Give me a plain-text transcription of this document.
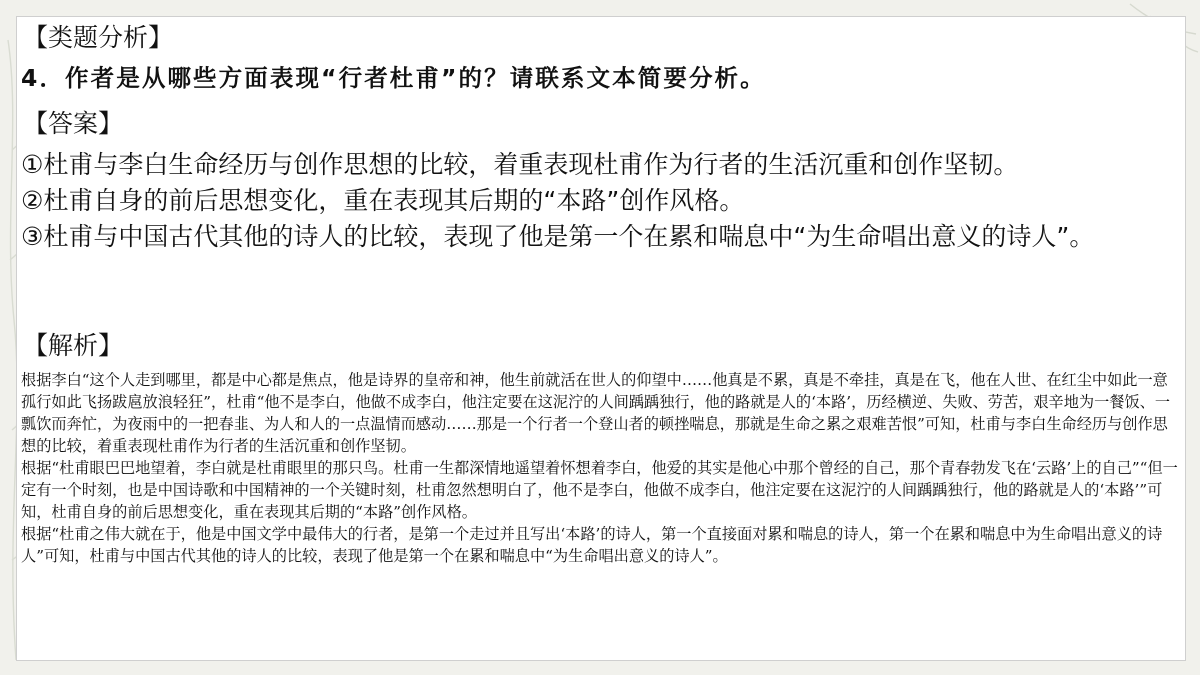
【类题分析】
4．作者是从哪些方面表现“行者杜甫”的？请联系文本简要分析。
【答案】

①杜甫与李白生命经历与创作思想的比较，着重表现杜甫作为行者的生活沉重和创作坚韧。

②杜甫自身的前后思想变化，重在表现其后期的“本路”创作风格。

③杜甫与中国古代其他的诗人的比较，表现了他是第一个在累和喘息中“为生命唱出意义的诗人”。

【解析】

根据李白“这个人走到哪里，都是中心都是焦点，他是诗界的皇帝和神，他生前就活在世人的仰望中……他真是不累，真是不牵挂，真是在飞，他在人世、在红尘中如此一意孤行如此飞扬跋扈放浪轻狂”，杜甫“他不是李白，他做不成李白，他注定要在这泥泞的人间踽踽独行，他的路就是人的‘本路’，历经横逆、失败、劳苦，艰辛地为一餐饭、一瓢饮而奔忙，为夜雨中的一把春韭、为人和人的一点温情而感动……那是一个行者一个登山者的顿挫喘息，那就是生命之累之艰难苦恨”可知，杜甫与李白生命经历与创作思想的比较，着重表现杜甫作为行者的生活沉重和创作坚韧。

根据“杜甫眼巴巴地望着，李白就是杜甫眼里的那只鸟。杜甫一生都深情地遥望着怀想着李白，他爱的其实是他心中那个曾经的自己，那个青春勃发飞在‘云路’上的自己”“但一定有一个时刻，也是中国诗歌和中国精神的一个关键时刻，杜甫忽然想明白了，他不是李白，他做不成李白，他注定要在这泥泞的人间踽踽独行，他的路就是人的‘本路’”可知，杜甫自身的前后思想变化，重在表现其后期的“本路”创作风格。

根据“杜甫之伟大就在于，他是中国文学中最伟大的行者，是第一个走过并且写出‘本路’的诗人，第一个直接面对累和喘息的诗人，第一个在累和喘息中为生命唱出意义的诗人”可知，杜甫与中国古代其他的诗人的比较，表现了他是第一个在累和喘息中“为生命唱出意义的诗人”。
